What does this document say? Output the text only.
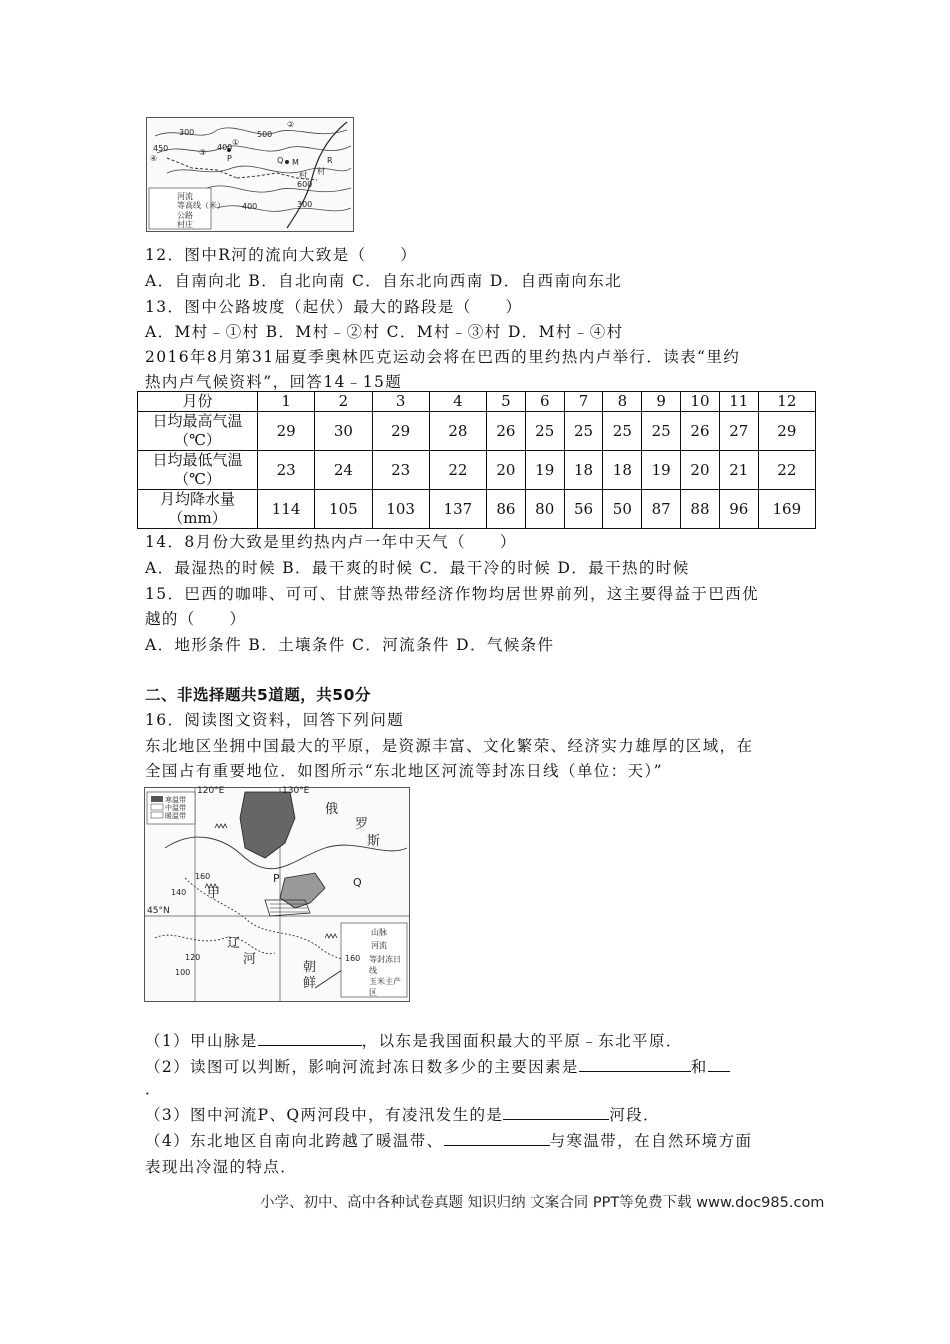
300
400
500
450
600
400	300
R
①
②
③
④	Q M
P
村 村
河流
等高线（米）
公路
村庄
12．图中R河的流向大致是（　　）
A．自南向北 B．自北向南 C．自东北向西南 D．自西南向东北
13．图中公路坡度（起伏）最大的路段是（　　）
A．M村﹣①村 B．M村﹣②村 C．M村﹣③村 D．M村﹣④村
2016年8月第31届夏季奥林匹克运动会将在巴西的里约热内卢举行．读表“里约
热内卢气候资料”，回答14﹣15题
月份	1	2	3	4	5	6	7	8	9	10	11	12

日均最高气温
（℃）	29	30	29	28	26	25	25	25	25	26	27	29

日均最低气温
（℃）	23	24	23	22	20	19	18	18	19	20	21	22

月均降水量
（mm）	114	105	103	137	86	80	56	50	87	88	96	169
14．8月份大致是里约热内卢一年中天气（　　）
A．最湿热的时候 B．最干爽的时候 C．最干冷的时候 D．最干热的时候
15．巴西的咖啡、可可、甘蔗等热带经济作物均居世界前列，这主要得益于巴西优
越的（　　）
A．地形条件 B．土壤条件 C．河流条件 D．气候条件
二、非选择题共5道题，共50分
16．阅读图文资料，回答下列问题
东北地区坐拥中国最大的平原，是资源丰富、文化繁荣、经济实力雄厚的区域，在
全国占有重要地位．如图所示“东北地区河流等封冻日线（单位：天）”
120°E	130°E
45°N
俄
罗
斯
甲
P	Q
辽
河
朝
鲜
140
160
120
100
寒温带
中温带
暖温带
山脉
河流
160 等封冻日线
玉米主产区
（1）甲山脉是	，以东是我国面积最大的平原﹣东北平原．
（2）读图可以判断，影响河流封冻日数多少的主要因素是	和
．
（3）图中河流P、Q两河段中，有凌汛发生的是	河段．
（4）东北地区自南向北跨越了暖温带、	与寒温带，在自然环境方面
表现出冷湿的特点．
小学、初中、高中各种试卷真题 知识归纳 文案合同 PPT等免费下载 www.doc985.com
